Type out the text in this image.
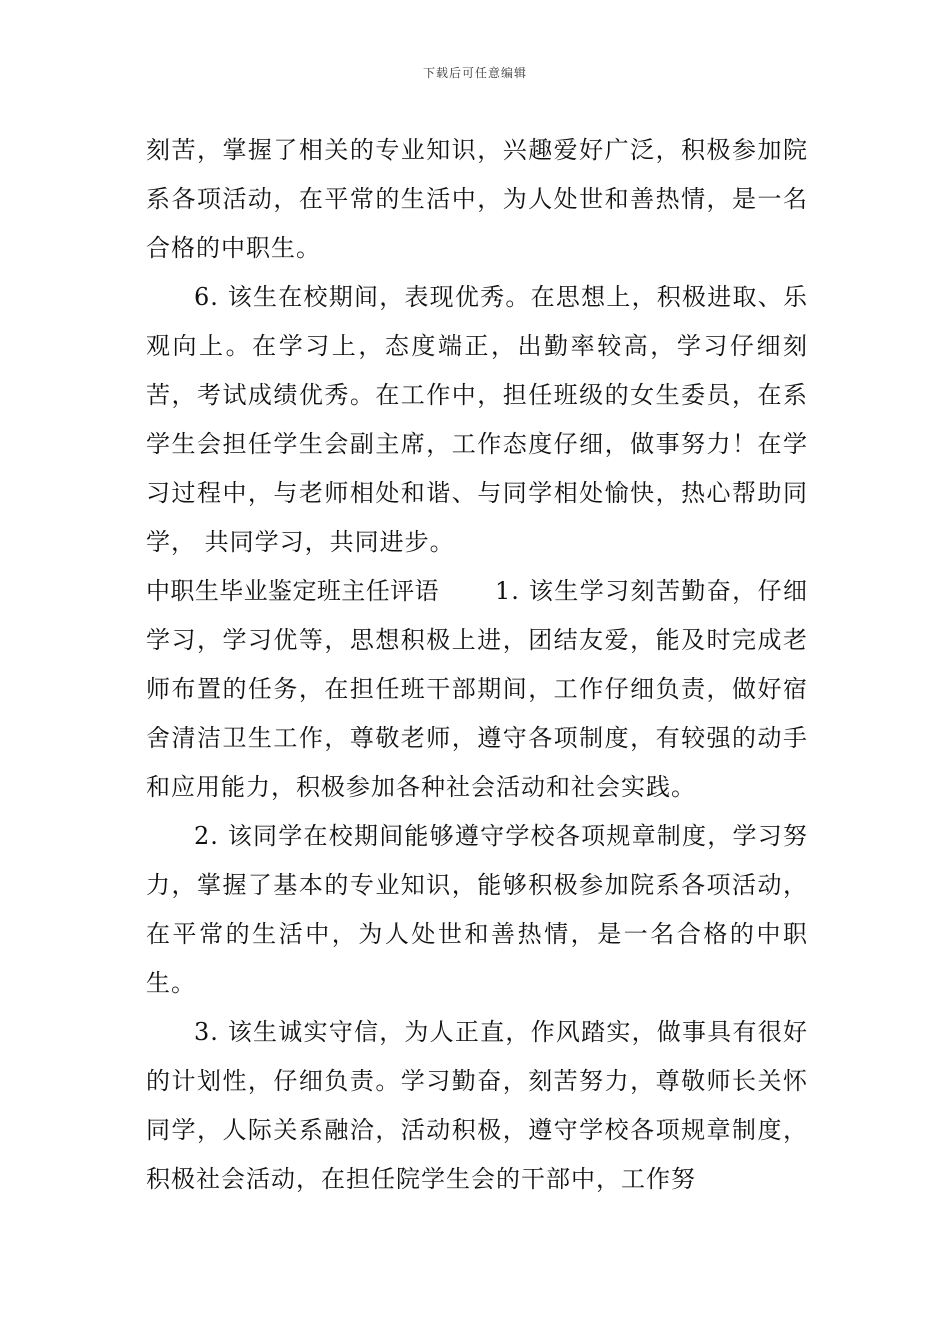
下载后可任意编辑

刻苦，掌握了相关的专业知识，兴趣爱好广泛，积极参加院系各项活动，在平常的生活中，为人处世和善热情，是一名合格的中职生。

6. 该生在校期间，表现优秀。在思想上，积极进取、乐观向上。在学习上，态度端正，出勤率较高，学习仔细刻苦，考试成绩优秀。在工作中，担任班级的女生委员，在系学生会担任学生会副主席，工作态度仔细，做事努力！在学习过程中，与老师相处和谐、与同学相处愉快，热心帮助同学， 共同学习，共同进步。

中职生毕业鉴定班主任评语 1. 该生学习刻苦勤奋，仔细学习，学习优等，思想积极上进，团结友爱，能及时完成老师布置的任务，在担任班干部期间，工作仔细负责，做好宿舍清洁卫生工作，尊敬老师，遵守各项制度，有较强的动手和应用能力，积极参加各种社会活动和社会实践。

2. 该同学在校期间能够遵守学校各项规章制度，学习努力，掌握了基本的专业知识，能够积极参加院系各项活动，在平常的生活中，为人处世和善热情，是一名合格的中职生。

3. 该生诚实守信，为人正直，作风踏实，做事具有很好的计划性，仔细负责。学习勤奋，刻苦努力，尊敬师长关怀同学，人际关系融洽，活动积极，遵守学校各项规章制度，积极社会活动，在担任院学生会的干部中，工作努
